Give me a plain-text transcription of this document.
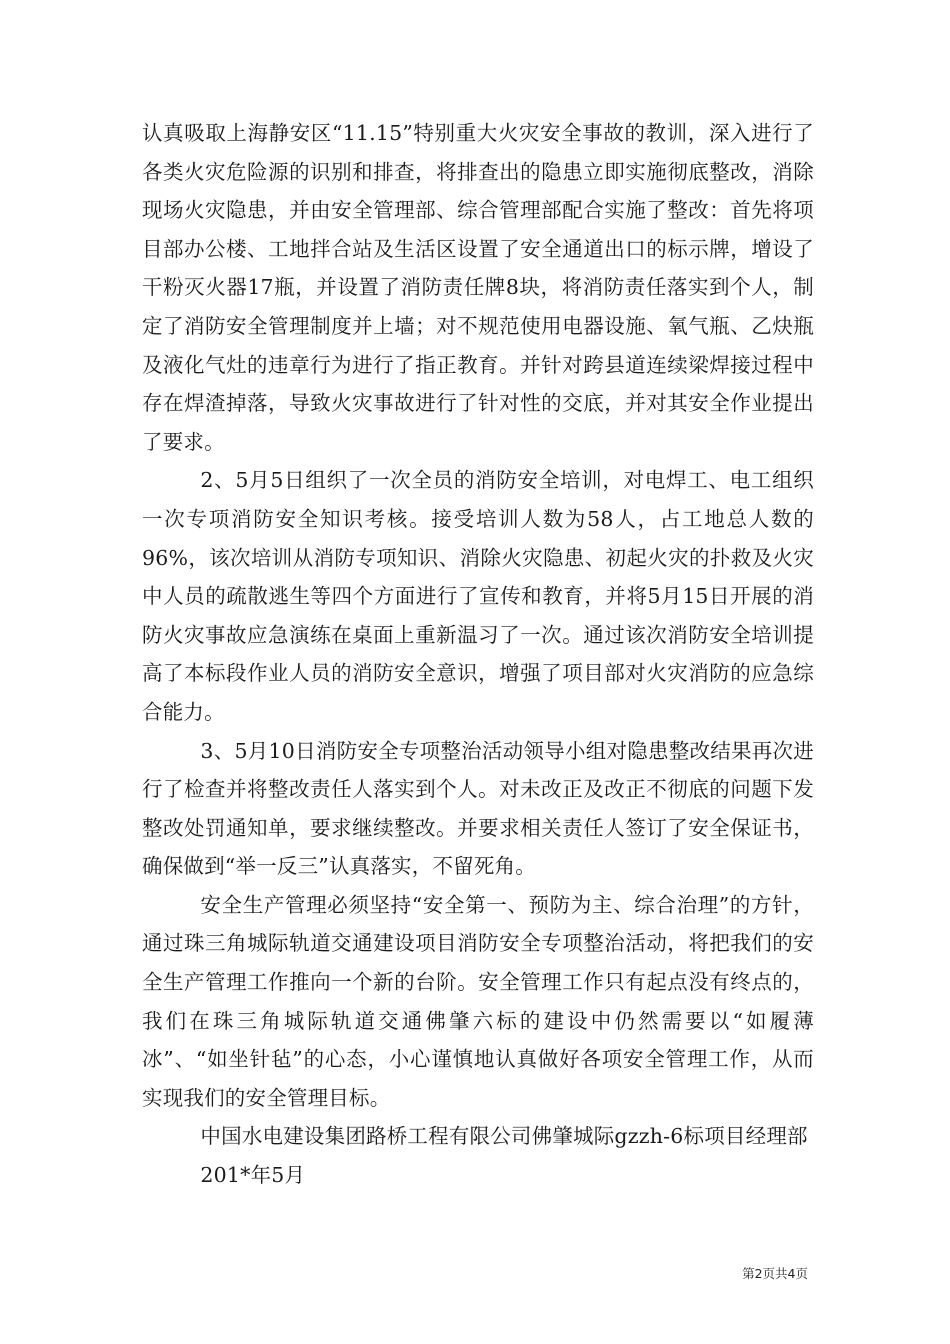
认真吸取上海静安区“11.15”特别重大火灾安全事故的教训，深入进行了各类火灾危险源的识别和排查，将排查出的隐患立即实施彻底整改，消除现场火灾隐患，并由安全管理部、综合管理部配合实施了整改：首先将项目部办公楼、工地拌合站及生活区设置了安全通道出口的标示牌，增设了干粉灭火器17瓶，并设置了消防责任牌8块，将消防责任落实到个人，制定了消防安全管理制度并上墙；对不规范使用电器设施、氧气瓶、乙炔瓶及液化气灶的违章行为进行了指正教育。并针对跨县道连续梁焊接过程中存在焊渣掉落，导致火灾事故进行了针对性的交底，并对其安全作业提出了要求。

2、5月5日组织了一次全员的消防安全培训，对电焊工、电工组织一次专项消防安全知识考核。接受培训人数为58人，占工地总人数的96%，该次培训从消防专项知识、消除火灾隐患、初起火灾的扑救及火灾中人员的疏散逃生等四个方面进行了宣传和教育，并将5月15日开展的消防火灾事故应急演练在桌面上重新温习了一次。通过该次消防安全培训提高了本标段作业人员的消防安全意识，增强了项目部对火灾消防的应急综合能力。

3、5月10日消防安全专项整治活动领导小组对隐患整改结果再次进行了检查并将整改责任人落实到个人。对未改正及改正不彻底的问题下发整改处罚通知单，要求继续整改。并要求相关责任人签订了安全保证书，确保做到“举一反三”认真落实，不留死角。

安全生产管理必须坚持“安全第一、预防为主、综合治理”的方针，通过珠三角城际轨道交通建设项目消防安全专项整治活动，将把我们的安全生产管理工作推向一个新的台阶。安全管理工作只有起点没有终点的，我们在珠三角城际轨道交通佛肇六标的建设中仍然需要以“如履薄冰”、“如坐针毡”的心态，小心谨慎地认真做好各项安全管理工作，从而实现我们的安全管理目标。

中国水电建设集团路桥工程有限公司佛肇城际gzzh-6标项目经理部

201*年5月

第2页共4页
